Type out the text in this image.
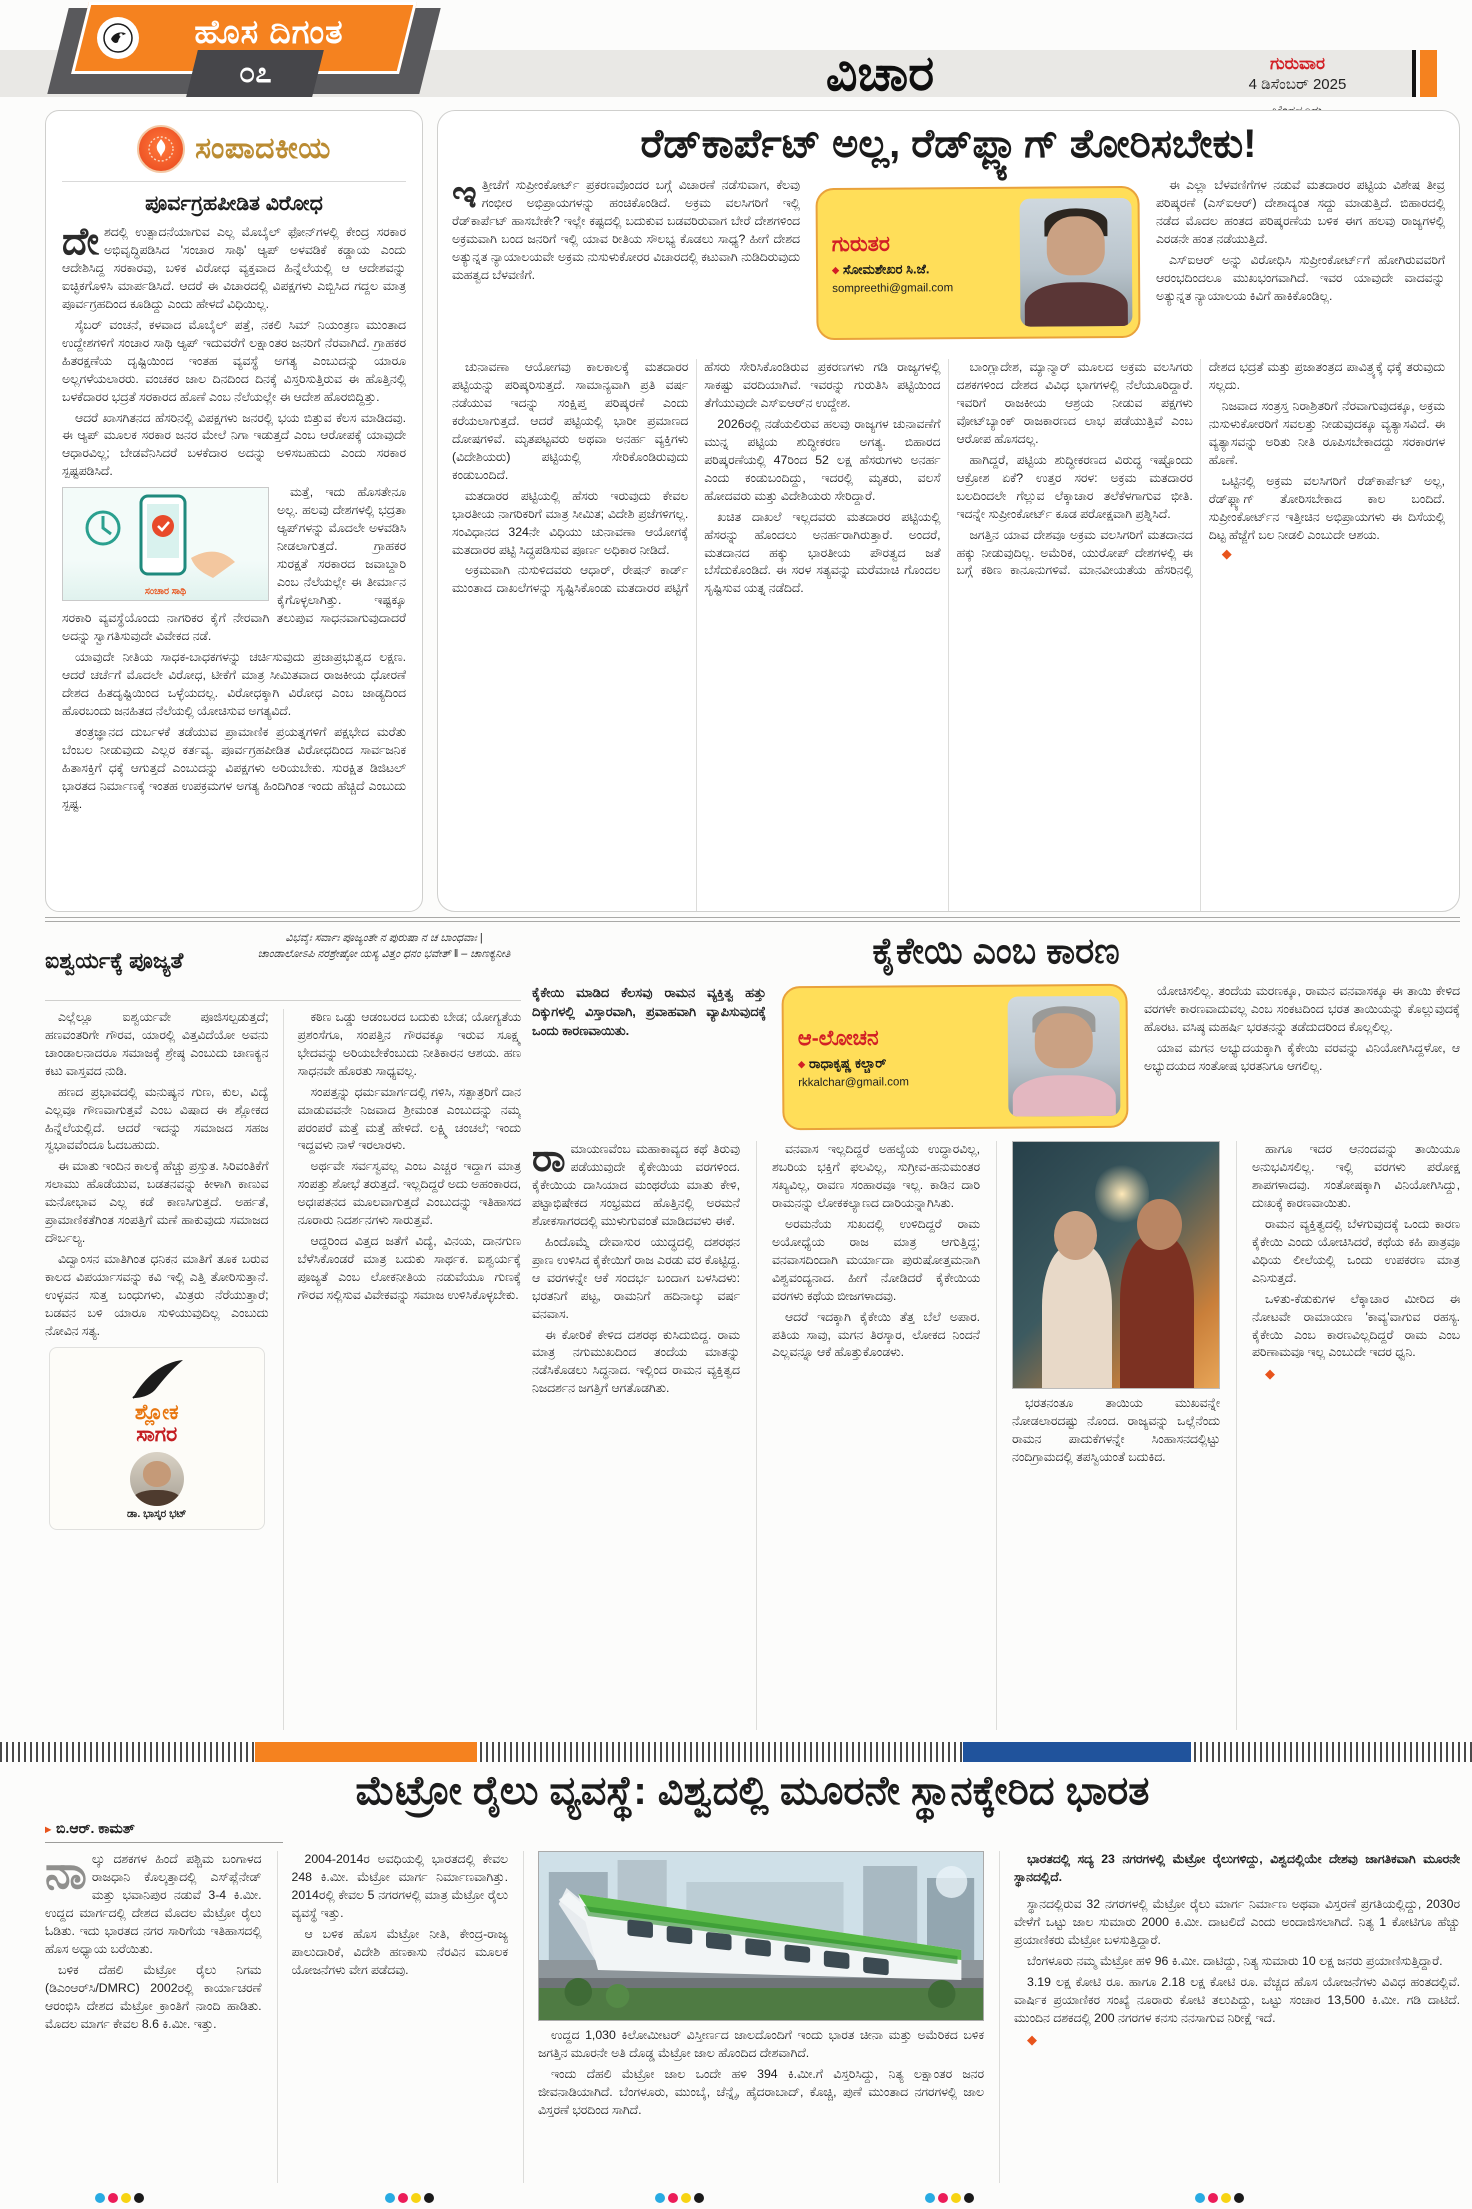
ಹೊಸ ದಿಗಂತ
೦೭	ವಿಚಾರ	ಗುರುವಾರ
4 ಡಿಸೆಂಬರ್ 2025
ಸಂಪಾದಕೀಯ
ಪೂರ್ವಗ್ರಹಪೀಡಿತ ವಿರೋಧ

ದೇಶದಲ್ಲಿ ಉತ್ಪಾದನೆಯಾಗುವ ಎಲ್ಲ ಮೊಬೈಲ್ ಫೋನ್‌ಗಳಲ್ಲಿ ಕೇಂದ್ರ ಸರಕಾರ ಅಭಿವೃದ್ಧಿಪಡಿಸಿದ 'ಸಂಚಾರ ಸಾಥಿ' ಆ್ಯಪ್ ಅಳವಡಿಕೆ ಕಡ್ಡಾಯ ಎಂದು ಆದೇಶಿಸಿದ್ದ ಸರಕಾರವು, ಬಳಿಕ ವಿರೋಧ ವ್ಯಕ್ತವಾದ ಹಿನ್ನೆಲೆಯಲ್ಲಿ ಆ ಆದೇಶವನ್ನು ಐಚ್ಛಿಕಗೊಳಿಸಿ ಮಾರ್ಪಡಿಸಿದೆ. ಆದರೆ ಈ ವಿಚಾರದಲ್ಲಿ ವಿಪಕ್ಷಗಳು ಎಬ್ಬಿಸಿದ ಗದ್ದಲ ಮಾತ್ರ ಪೂರ್ವಗ್ರಹದಿಂದ ಕೂಡಿದ್ದು ಎಂದು ಹೇಳದೆ ವಿಧಿಯಿಲ್ಲ.

ಸೈಬರ್ ವಂಚನೆ, ಕಳವಾದ ಮೊಬೈಲ್ ಪತ್ತೆ, ನಕಲಿ ಸಿಮ್ ನಿಯಂತ್ರಣ ಮುಂತಾದ ಉದ್ದೇಶಗಳಿಗೆ ಸಂಚಾರ ಸಾಥಿ ಆ್ಯಪ್ ಇದುವರೆಗೆ ಲಕ್ಷಾಂತರ ಜನರಿಗೆ ನೆರವಾಗಿದೆ. ಗ್ರಾಹಕರ ಹಿತರಕ್ಷಣೆಯ ದೃಷ್ಟಿಯಿಂದ ಇಂತಹ ವ್ಯವಸ್ಥೆ ಅಗತ್ಯ ಎಂಬುದನ್ನು ಯಾರೂ ಅಲ್ಲಗಳೆಯಲಾರರು. ವಂಚಕರ ಜಾಲ ದಿನದಿಂದ ದಿನಕ್ಕೆ ವಿಸ್ತರಿಸುತ್ತಿರುವ ಈ ಹೊತ್ತಿನಲ್ಲಿ ಬಳಕೆದಾರರ ಭದ್ರತೆ ಸರಕಾರದ ಹೊಣೆ ಎಂಬ ನೆಲೆಯಲ್ಲೇ ಈ ಆದೇಶ ಹೊರಬಿದ್ದಿತ್ತು.

ಆದರೆ ಖಾಸಗಿತನದ ಹೆಸರಿನಲ್ಲಿ ವಿಪಕ್ಷಗಳು ಜನರಲ್ಲಿ ಭಯ ಬಿತ್ತುವ ಕೆಲಸ ಮಾಡಿದವು. ಈ ಆ್ಯಪ್ ಮೂಲಕ ಸರಕಾರ ಜನರ ಮೇಲೆ ನಿಗಾ ಇಡುತ್ತದೆ ಎಂಬ ಆರೋಪಕ್ಕೆ ಯಾವುದೇ ಆಧಾರವಿಲ್ಲ; ಬೇಡವೆನಿಸಿದರೆ ಬಳಕೆದಾರ ಅದನ್ನು ಅಳಿಸಬಹುದು ಎಂದು ಸರಕಾರ ಸ್ಪಷ್ಟಪಡಿಸಿದೆ.

ಸಂಚಾರ ಸಾಥಿ

ಮತ್ತೆ, ಇದು ಹೊಸತೇನೂ ಅಲ್ಲ. ಹಲವು ದೇಶಗಳಲ್ಲಿ ಭದ್ರತಾ ಆ್ಯಪ್‌ಗಳನ್ನು ಮೊದಲೇ ಅಳವಡಿಸಿ ನೀಡಲಾಗುತ್ತದೆ. ಗ್ರಾಹಕರ ಸುರಕ್ಷತೆ ಸರಕಾರದ ಜವಾಬ್ದಾರಿ ಎಂಬ ನೆಲೆಯಲ್ಲೇ ಈ ತೀರ್ಮಾನ ಕೈಗೊಳ್ಳಲಾಗಿತ್ತು. ಇಷ್ಟಕ್ಕೂ ಸರಕಾರಿ ವ್ಯವಸ್ಥೆಯೊಂದು ನಾಗರಿಕರ ಕೈಗೆ ನೇರವಾಗಿ ತಲುಪುವ ಸಾಧನವಾಗುವುದಾದರೆ ಅದನ್ನು ಸ್ವಾಗತಿಸುವುದೇ ವಿವೇಕದ ನಡೆ.

ಯಾವುದೇ ನೀತಿಯ ಸಾಧಕ-ಬಾಧಕಗಳನ್ನು ಚರ್ಚಿಸುವುದು ಪ್ರಜಾಪ್ರಭುತ್ವದ ಲಕ್ಷಣ. ಆದರೆ ಚರ್ಚೆಗೆ ಮೊದಲೇ ವಿರೋಧ, ಟೀಕೆಗೆ ಮಾತ್ರ ಸೀಮಿತವಾದ ರಾಜಕೀಯ ಧೋರಣೆ ದೇಶದ ಹಿತದೃಷ್ಟಿಯಿಂದ ಒಳ್ಳೆಯದಲ್ಲ. ವಿರೋಧಕ್ಕಾಗಿ ವಿರೋಧ ಎಂಬ ಜಾಡ್ಯದಿಂದ ಹೊರಬಂದು ಜನಹಿತದ ನೆಲೆಯಲ್ಲಿ ಯೋಚಿಸುವ ಅಗತ್ಯವಿದೆ.

ತಂತ್ರಜ್ಞಾನದ ದುರ್ಬಳಕೆ ತಡೆಯುವ ಪ್ರಾಮಾಣಿಕ ಪ್ರಯತ್ನಗಳಿಗೆ ಪಕ್ಷಭೇದ ಮರೆತು ಬೆಂಬಲ ನೀಡುವುದು ಎಲ್ಲರ ಕರ್ತವ್ಯ. ಪೂರ್ವಗ್ರಹಪೀಡಿತ ವಿರೋಧದಿಂದ ಸಾರ್ವಜನಿಕ ಹಿತಾಸಕ್ತಿಗೆ ಧಕ್ಕೆ ಆಗುತ್ತದೆ ಎಂಬುದನ್ನು ವಿಪಕ್ಷಗಳು ಅರಿಯಬೇಕು. ಸುರಕ್ಷಿತ ಡಿಜಿಟಲ್ ಭಾರತದ ನಿರ್ಮಾಣಕ್ಕೆ ಇಂತಹ ಉಪಕ್ರಮಗಳ ಅಗತ್ಯ ಹಿಂದಿಗಿಂತ ಇಂದು ಹೆಚ್ಚಿದೆ ಎಂಬುದು ಸ್ಪಷ್ಟ.

ರೆಡ್‌ಕಾರ್ಪೆಟ್ ಅಲ್ಲ, ರೆಡ್‌ಫ್ಲ್ಯಾಗ್ ತೋರಿಸಬೇಕು!

ಇತ್ತೀಚೆಗೆ ಸುಪ್ರೀಂಕೋರ್ಟ್ ಪ್ರಕರಣವೊಂದರ ಬಗ್ಗೆ ವಿಚಾರಣೆ ನಡೆಸುವಾಗ, ಕೆಲವು ಗಂಭೀರ ಅಭಿಪ್ರಾಯಗಳನ್ನು ಹಂಚಿಕೊಂಡಿದೆ. ಅಕ್ರಮ ವಲಸಿಗರಿಗೆ ಇಲ್ಲಿ ರೆಡ್‌ಕಾರ್ಪೆಟ್ ಹಾಸಬೇಕೇ? ಇಲ್ಲೇ ಕಷ್ಟದಲ್ಲಿ ಬದುಕುವ ಬಡವರಿರುವಾಗ ಬೇರೆ ದೇಶಗಳಿಂದ ಅಕ್ರಮವಾಗಿ ಬಂದ ಜನರಿಗೆ ಇಲ್ಲಿ ಯಾವ ರೀತಿಯ ಸೌಲಭ್ಯ ಕೊಡಲು ಸಾಧ್ಯ? ಹೀಗೆ ದೇಶದ ಅತ್ಯುನ್ನತ ನ್ಯಾಯಾಲಯವೇ ಅಕ್ರಮ ನುಸುಳುಕೋರರ ವಿಚಾರದಲ್ಲಿ ಕಟುವಾಗಿ ನುಡಿದಿರುವುದು ಮಹತ್ವದ ಬೆಳವಣಿಗೆ.

ಗುರುತರ
◆ ಸೋಮಶೇಖರ ಸಿ.ಜೆ.
sompreethi@gmail.com

ಈ ಎಲ್ಲಾ ಬೆಳವಣಿಗೆಗಳ ನಡುವೆ ಮತದಾರರ ಪಟ್ಟಿಯ ವಿಶೇಷ ತೀವ್ರ ಪರಿಷ್ಕರಣೆ (ಎಸ್‌ಐಆರ್) ದೇಶಾದ್ಯಂತ ಸದ್ದು ಮಾಡುತ್ತಿದೆ. ಬಿಹಾರದಲ್ಲಿ ನಡೆದ ಮೊದಲ ಹಂತದ ಪರಿಷ್ಕರಣೆಯ ಬಳಿಕ ಈಗ ಹಲವು ರಾಜ್ಯಗಳಲ್ಲಿ ಎರಡನೇ ಹಂತ ನಡೆಯುತ್ತಿದೆ.

ಎಸ್‌ಐಆರ್ ಅನ್ನು ವಿರೋಧಿಸಿ ಸುಪ್ರೀಂಕೋರ್ಟ್‌ಗೆ ಹೋಗಿರುವವರಿಗೆ ಆರಂಭದಿಂದಲೂ ಮುಖಭಂಗವಾಗಿದೆ. ಇವರ ಯಾವುದೇ ವಾದವನ್ನು ಅತ್ಯುನ್ನತ ನ್ಯಾಯಾಲಯ ಕಿವಿಗೆ ಹಾಕಿಕೊಂಡಿಲ್ಲ.

ಚುನಾವಣಾ ಆಯೋಗವು ಕಾಲಕಾಲಕ್ಕೆ ಮತದಾರರ ಪಟ್ಟಿಯನ್ನು ಪರಿಷ್ಕರಿಸುತ್ತದೆ. ಸಾಮಾನ್ಯವಾಗಿ ಪ್ರತಿ ವರ್ಷ ನಡೆಯುವ ಇದನ್ನು ಸಂಕ್ಷಿಪ್ತ ಪರಿಷ್ಕರಣೆ ಎಂದು ಕರೆಯಲಾಗುತ್ತದೆ. ಆದರೆ ಪಟ್ಟಿಯಲ್ಲಿ ಭಾರೀ ಪ್ರಮಾಣದ ದೋಷಗಳಿವೆ. ಮೃತಪಟ್ಟವರು ಅಥವಾ ಅನರ್ಹ ವ್ಯಕ್ತಿಗಳು (ವಿದೇಶಿಯರು) ಪಟ್ಟಿಯಲ್ಲಿ ಸೇರಿಕೊಂಡಿರುವುದು ಕಂಡುಬಂದಿದೆ.

ಮತದಾರರ ಪಟ್ಟಿಯಲ್ಲಿ ಹೆಸರು ಇರುವುದು ಕೇವಲ ಭಾರತೀಯ ನಾಗರಿಕರಿಗೆ ಮಾತ್ರ ಸೀಮಿತ; ವಿದೇಶಿ ಪ್ರಜೆಗಳಿಗಲ್ಲ. ಸಂವಿಧಾನದ 324ನೇ ವಿಧಿಯು ಚುನಾವಣಾ ಆಯೋಗಕ್ಕೆ ಮತದಾರರ ಪಟ್ಟಿ ಸಿದ್ಧಪಡಿಸುವ ಪೂರ್ಣ ಅಧಿಕಾರ ನೀಡಿದೆ.

ಅಕ್ರಮವಾಗಿ ನುಸುಳಿದವರು ಆಧಾರ್, ರೇಷನ್ ಕಾರ್ಡ್ ಮುಂತಾದ ದಾಖಲೆಗಳನ್ನು ಸೃಷ್ಟಿಸಿಕೊಂಡು ಮತದಾರರ ಪಟ್ಟಿಗೆ ಹೆಸರು ಸೇರಿಸಿಕೊಂಡಿರುವ ಪ್ರಕರಣಗಳು ಗಡಿ ರಾಜ್ಯಗಳಲ್ಲಿ ಸಾಕಷ್ಟು ವರದಿಯಾಗಿವೆ. ಇವರನ್ನು ಗುರುತಿಸಿ ಪಟ್ಟಿಯಿಂದ ತೆಗೆಯುವುದೇ ಎಸ್‌ಐಆರ್‌ನ ಉದ್ದೇಶ.

2026ರಲ್ಲಿ ನಡೆಯಲಿರುವ ಹಲವು ರಾಜ್ಯಗಳ ಚುನಾವಣೆಗೆ ಮುನ್ನ ಪಟ್ಟಿಯ ಶುದ್ಧೀಕರಣ ಅಗತ್ಯ. ಬಿಹಾರದ ಪರಿಷ್ಕರಣೆಯಲ್ಲಿ 47ರಿಂದ 52 ಲಕ್ಷ ಹೆಸರುಗಳು ಅನರ್ಹ ಎಂದು ಕಂಡುಬಂದಿದ್ದು, ಇದರಲ್ಲಿ ಮೃತರು, ವಲಸೆ ಹೋದವರು ಮತ್ತು ವಿದೇಶಿಯರು ಸೇರಿದ್ದಾರೆ.

ಖಚಿತ ದಾಖಲೆ ಇಲ್ಲದವರು ಮತದಾರರ ಪಟ್ಟಿಯಲ್ಲಿ ಹೆಸರನ್ನು ಹೊಂದಲು ಅನರ್ಹರಾಗಿರುತ್ತಾರೆ. ಅಂದರೆ, ಮತದಾನದ ಹಕ್ಕು ಭಾರತೀಯ ಪೌರತ್ವದ ಜತೆ ಬೆಸೆದುಕೊಂಡಿದೆ. ಈ ಸರಳ ಸತ್ಯವನ್ನು ಮರೆಮಾಚಿ ಗೊಂದಲ ಸೃಷ್ಟಿಸುವ ಯತ್ನ ನಡೆದಿದೆ.

ಬಾಂಗ್ಲಾದೇಶ, ಮ್ಯಾನ್ಮಾರ್ ಮೂಲದ ಅಕ್ರಮ ವಲಸಿಗರು ದಶಕಗಳಿಂದ ದೇಶದ ವಿವಿಧ ಭಾಗಗಳಲ್ಲಿ ನೆಲೆಯೂರಿದ್ದಾರೆ. ಇವರಿಗೆ ರಾಜಕೀಯ ಆಶ್ರಯ ನೀಡುವ ಪಕ್ಷಗಳು ವೋಟ್‌ಬ್ಯಾಂಕ್ ರಾಜಕಾರಣದ ಲಾಭ ಪಡೆಯುತ್ತಿವೆ ಎಂಬ ಆರೋಪ ಹೊಸದಲ್ಲ.

ಹಾಗಿದ್ದರೆ, ಪಟ್ಟಿಯ ಶುದ್ಧೀಕರಣದ ವಿರುದ್ಧ ಇಷ್ಟೊಂದು ಆಕ್ರೋಶ ಏಕೆ? ಉತ್ತರ ಸರಳ: ಅಕ್ರಮ ಮತದಾರರ ಬಲದಿಂದಲೇ ಗೆಲ್ಲುವ ಲೆಕ್ಕಾಚಾರ ತಲೆಕೆಳಗಾಗುವ ಭೀತಿ. ಇದನ್ನೇ ಸುಪ್ರೀಂಕೋರ್ಟ್ ಕೂಡ ಪರೋಕ್ಷವಾಗಿ ಪ್ರಶ್ನಿಸಿದೆ.

ಜಗತ್ತಿನ ಯಾವ ದೇಶವೂ ಅಕ್ರಮ ವಲಸಿಗರಿಗೆ ಮತದಾನದ ಹಕ್ಕು ನೀಡುವುದಿಲ್ಲ. ಅಮೆರಿಕ, ಯುರೋಪ್ ದೇಶಗಳಲ್ಲಿ ಈ ಬಗ್ಗೆ ಕಠಿಣ ಕಾನೂನುಗಳಿವೆ. ಮಾನವೀಯತೆಯ ಹೆಸರಿನಲ್ಲಿ ದೇಶದ ಭದ್ರತೆ ಮತ್ತು ಪ್ರಜಾತಂತ್ರದ ಪಾವಿತ್ರ್ಯಕ್ಕೆ ಧಕ್ಕೆ ತರುವುದು ಸಲ್ಲದು.

ನಿಜವಾದ ಸಂತ್ರಸ್ತ ನಿರಾಶ್ರಿತರಿಗೆ ನೆರವಾಗುವುದಕ್ಕೂ, ಅಕ್ರಮ ನುಸುಳುಕೋರರಿಗೆ ಸವಲತ್ತು ನೀಡುವುದಕ್ಕೂ ವ್ಯತ್ಯಾಸವಿದೆ. ಈ ವ್ಯತ್ಯಾಸವನ್ನು ಅರಿತು ನೀತಿ ರೂಪಿಸಬೇಕಾದದ್ದು ಸರಕಾರಗಳ ಹೊಣೆ.

ಒಟ್ಟಿನಲ್ಲಿ ಅಕ್ರಮ ವಲಸಿಗರಿಗೆ ರೆಡ್‌ಕಾರ್ಪೆಟ್ ಅಲ್ಲ, ರೆಡ್‌ಫ್ಲ್ಯಾಗ್ ತೋರಿಸಬೇಕಾದ ಕಾಲ ಬಂದಿದೆ. ಸುಪ್ರೀಂಕೋರ್ಟ್‌ನ ಇತ್ತೀಚಿನ ಅಭಿಪ್ರಾಯಗಳು ಈ ದಿಸೆಯಲ್ಲಿ ದಿಟ್ಟ ಹೆಜ್ಜೆಗೆ ಬಲ ನೀಡಲಿ ಎಂಬುದೇ ಆಶಯ.

◆

ಐಶ್ವರ್ಯಕ್ಕೆ ಪೂಜ್ಯತೆ
ವಿಭವೈಃ ಸರ್ವಾಃ ಪೂಜ್ಯಂತೇ ನ ಪುರುಷಾ ನ ಚ ಬಾಂಧವಾಃ |
ಚಾಂಡಾಲೋಽಪಿ ನರಶ್ರೇಷ್ಠೋ ಯಸ್ಯ ವಿತ್ತಂ ಧನಂ ಭವೇತ್ ‖ – ಚಾಣಕ್ಯನೀತಿ

ಎಲ್ಲೆಲ್ಲೂ ಐಶ್ವರ್ಯವೇ ಪೂಜಿಸಲ್ಪಡುತ್ತದೆ; ಹಣವಂತರಿಗೇ ಗೌರವ, ಯಾರಲ್ಲಿ ವಿತ್ತವಿದೆಯೋ ಅವನು ಚಾಂಡಾಲನಾದರೂ ಸಮಾಜಕ್ಕೆ ಶ್ರೇಷ್ಠ ಎಂಬುದು ಚಾಣಕ್ಯನ ಕಟು ವಾಸ್ತವದ ನುಡಿ.

ಹಣದ ಪ್ರಭಾವದಲ್ಲಿ ಮನುಷ್ಯನ ಗುಣ, ಕುಲ, ವಿದ್ಯೆ ಎಲ್ಲವೂ ಗೌಣವಾಗುತ್ತವೆ ಎಂಬ ವಿಷಾದ ಈ ಶ್ಲೋಕದ ಹಿನ್ನೆಲೆಯಲ್ಲಿದೆ. ಆದರೆ ಇದನ್ನು ಸಮಾಜದ ಸಹಜ ಸ್ವಭಾವವೆಂದೂ ಓದಬಹುದು.

ಈ ಮಾತು ಇಂದಿನ ಕಾಲಕ್ಕೆ ಹೆಚ್ಚು ಪ್ರಸ್ತುತ. ಸಿರಿವಂತಿಕೆಗೆ ಸಲಾಮು ಹೊಡೆಯುವ, ಬಡತನವನ್ನು ಕೀಳಾಗಿ ಕಾಣುವ ಮನೋಭಾವ ಎಲ್ಲ ಕಡೆ ಕಾಣಸಿಗುತ್ತದೆ. ಅರ್ಹತೆ, ಪ್ರಾಮಾಣಿಕತೆಗಿಂತ ಸಂಪತ್ತಿಗೆ ಮಣೆ ಹಾಕುವುದು ಸಮಾಜದ ದೌರ್ಬಲ್ಯ.

ವಿದ್ವಾಂಸನ ಮಾತಿಗಿಂತ ಧನಿಕನ ಮಾತಿಗೆ ತೂಕ ಬರುವ ಕಾಲದ ವಿಪರ್ಯಾಸವನ್ನು ಕವಿ ಇಲ್ಲಿ ಎತ್ತಿ ತೋರಿಸುತ್ತಾನೆ. ಉಳ್ಳವನ ಸುತ್ತ ಬಂಧುಗಳು, ಮಿತ್ರರು ನೆರೆಯುತ್ತಾರೆ; ಬಡವನ ಬಳಿ ಯಾರೂ ಸುಳಿಯುವುದಿಲ್ಲ ಎಂಬುದು ನೋವಿನ ಸತ್ಯ.

ಶ್ಲೋಕ
ಸಾಗರ
ಡಾ. ಭಾಸ್ಕರ ಭಟ್

ಕಠಿಣ ಒಡ್ಡು ಆಡಂಬರದ ಬದುಕು ಬೇಡ; ಯೋಗ್ಯತೆಯ ಪ್ರಶಂಸೆಗೂ, ಸಂಪತ್ತಿನ ಗೌರವಕ್ಕೂ ಇರುವ ಸೂಕ್ಷ್ಮ ಭೇದವನ್ನು ಅರಿಯಬೇಕೆಂಬುದು ನೀತಿಕಾರನ ಆಶಯ. ಹಣ ಸಾಧನವೇ ಹೊರತು ಸಾಧ್ಯವಲ್ಲ.

ಸಂಪತ್ತನ್ನು ಧರ್ಮಮಾರ್ಗದಲ್ಲಿ ಗಳಿಸಿ, ಸತ್ಪಾತ್ರರಿಗೆ ದಾನ ಮಾಡುವವನೇ ನಿಜವಾದ ಶ್ರೀಮಂತ ಎಂಬುದನ್ನು ನಮ್ಮ ಪರಂಪರೆ ಮತ್ತೆ ಮತ್ತೆ ಹೇಳಿದೆ. ಲಕ್ಷ್ಮಿ ಚಂಚಲೆ; ಇಂದು ಇದ್ದವಳು ನಾಳೆ ಇರಲಾರಳು.

ಅರ್ಥವೇ ಸರ್ವಸ್ವವಲ್ಲ ಎಂಬ ಎಚ್ಚರ ಇದ್ದಾಗ ಮಾತ್ರ ಸಂಪತ್ತು ಶೋಭೆ ತರುತ್ತದೆ. ಇಲ್ಲದಿದ್ದರೆ ಅದು ಅಹಂಕಾರದ, ಅಧಃಪತನದ ಮೂಲವಾಗುತ್ತದೆ ಎಂಬುದನ್ನು ಇತಿಹಾಸದ ನೂರಾರು ನಿದರ್ಶನಗಳು ಸಾರುತ್ತವೆ.

ಆದ್ದರಿಂದ ವಿತ್ತದ ಜತೆಗೆ ವಿದ್ಯೆ, ವಿನಯ, ದಾನಗುಣ ಬೆಳೆಸಿಕೊಂಡರೆ ಮಾತ್ರ ಬದುಕು ಸಾರ್ಥಕ. ಐಶ್ವರ್ಯಕ್ಕೆ ಪೂಜ್ಯತೆ ಎಂಬ ಲೋಕನೀತಿಯ ನಡುವೆಯೂ ಗುಣಕ್ಕೆ ಗೌರವ ಸಲ್ಲಿಸುವ ವಿವೇಕವನ್ನು ಸಮಾಜ ಉಳಿಸಿಕೊಳ್ಳಬೇಕು.

ಕೈಕೇಯಿ ಎಂಬ ಕಾರಣ
ಕೈಕೇಯಿ ಮಾಡಿದ ಕೆಲಸವು ರಾಮನ ವ್ಯಕ್ತಿತ್ವ ಹತ್ತು ದಿಕ್ಕುಗಳಲ್ಲಿ ವಿಸ್ತಾರವಾಗಿ, ಪ್ರವಾಹವಾಗಿ ವ್ಯಾಪಿಸುವುದಕ್ಕೆ ಒಂದು ಕಾರಣವಾಯಿತು.	ಆ-ಲೋಚನ
◆ ರಾಧಾಕೃಷ್ಣ ಕಲ್ಚಾರ್
rkkalchar@gmail.com

ಯೋಚಿಸಲಿಲ್ಲ. ತಂದೆಯ ಮರಣಕ್ಕೂ, ರಾಮನ ವನವಾಸಕ್ಕೂ ಈ ತಾಯಿ ಕೇಳಿದ ವರಗಳೇ ಕಾರಣವಾದುವಲ್ಲ ಎಂಬ ಸಂಕಟದಿಂದ ಭರತ ತಾಯಿಯನ್ನು ಕೊಲ್ಲುವುದಕ್ಕೆ ಹೊರಟ. ವಸಿಷ್ಠ ಮಹರ್ಷಿ ಭರತನನ್ನು ತಡೆದುದರಿಂದ ಕೊಲ್ಲಲಿಲ್ಲ.

ಯಾವ ಮಗನ ಅಭ್ಯುದಯಕ್ಕಾಗಿ ಕೈಕೇಯಿ ವರವನ್ನು ವಿನಿಯೋಗಿಸಿದ್ದಳೋ, ಆ ಅಭ್ಯುದಯದ ಸಂತೋಷ ಭರತನಿಗೂ ಆಗಲಿಲ್ಲ.

ರಾಮಾಯಣವೆಂಬ ಮಹಾಕಾವ್ಯದ ಕಥೆ ತಿರುವು ಪಡೆಯುವುದೇ ಕೈಕೇಯಿಯ ವರಗಳಿಂದ. ಕೈಕೇಯಿಯ ದಾಸಿಯಾದ ಮಂಥರೆಯ ಮಾತು ಕೇಳಿ, ಪಟ್ಟಾಭಿಷೇಕದ ಸಂಭ್ರಮದ ಹೊತ್ತಿನಲ್ಲಿ ಅರಮನೆ ಶೋಕಸಾಗರದಲ್ಲಿ ಮುಳುಗುವಂತೆ ಮಾಡಿದವಳು ಈಕೆ.

ಹಿಂದೊಮ್ಮೆ ದೇವಾಸುರ ಯುದ್ಧದಲ್ಲಿ ದಶರಥನ ಪ್ರಾಣ ಉಳಿಸಿದ ಕೈಕೇಯಿಗೆ ರಾಜ ಎರಡು ವರ ಕೊಟ್ಟಿದ್ದ. ಆ ವರಗಳನ್ನೇ ಆಕೆ ಸಂದರ್ಭ ಬಂದಾಗ ಬಳಸಿದಳು: ಭರತನಿಗೆ ಪಟ್ಟ, ರಾಮನಿಗೆ ಹದಿನಾಲ್ಕು ವರ್ಷ ವನವಾಸ.

ಈ ಕೋರಿಕೆ ಕೇಳಿದ ದಶರಥ ಕುಸಿದುಬಿದ್ದ. ರಾಮ ಮಾತ್ರ ನಗುಮುಖದಿಂದ ತಂದೆಯ ಮಾತನ್ನು ನಡೆಸಿಕೊಡಲು ಸಿದ್ಧನಾದ. ಇಲ್ಲಿಂದ ರಾಮನ ವ್ಯಕ್ತಿತ್ವದ ನಿಜದರ್ಶನ ಜಗತ್ತಿಗೆ ಆಗತೊಡಗಿತು.

ವನವಾಸ ಇಲ್ಲದಿದ್ದರೆ ಅಹಲ್ಯೆಯ ಉದ್ಧಾರವಿಲ್ಲ, ಶಬರಿಯ ಭಕ್ತಿಗೆ ಫಲವಿಲ್ಲ, ಸುಗ್ರೀವ-ಹನುಮಂತರ ಸಖ್ಯವಿಲ್ಲ, ರಾವಣ ಸಂಹಾರವೂ ಇಲ್ಲ. ಕಾಡಿನ ದಾರಿ ರಾಮನನ್ನು ಲೋಕಕಲ್ಯಾಣದ ದಾರಿಯನ್ನಾಗಿಸಿತು.

ಅರಮನೆಯ ಸುಖದಲ್ಲಿ ಉಳಿದಿದ್ದರೆ ರಾಮ ಅಯೋಧ್ಯೆಯ ರಾಜ ಮಾತ್ರ ಆಗುತ್ತಿದ್ದ; ವನವಾಸದಿಂದಾಗಿ ಮರ್ಯಾದಾ ಪುರುಷೋತ್ತಮನಾಗಿ ವಿಶ್ವವಂದ್ಯನಾದ. ಹೀಗೆ ನೋಡಿದರೆ ಕೈಕೇಯಿಯ ವರಗಳು ಕಥೆಯ ಬೀಜಗಳಾದವು.

ಆದರೆ ಇದಕ್ಕಾಗಿ ಕೈಕೇಯಿ ತೆತ್ತ ಬೆಲೆ ಅಪಾರ. ಪತಿಯ ಸಾವು, ಮಗನ ತಿರಸ್ಕಾರ, ಲೋಕದ ನಿಂದನೆ ಎಲ್ಲವನ್ನೂ ಆಕೆ ಹೊತ್ತುಕೊಂಡಳು.

ಭರತನಂತೂ ತಾಯಿಯ ಮುಖವನ್ನೇ ನೋಡಲಾರದಷ್ಟು ನೊಂದ. ರಾಜ್ಯವನ್ನು ಒಲ್ಲೆನೆಂದು ರಾಮನ ಪಾದುಕೆಗಳನ್ನೇ ಸಿಂಹಾಸನದಲ್ಲಿಟ್ಟು ನಂದಿಗ್ರಾಮದಲ್ಲಿ ತಪಸ್ವಿಯಂತೆ ಬದುಕಿದ.

ಹಾಗೂ ಇದರ ಆನಂದವನ್ನು ತಾಯಿಯೂ ಅನುಭವಿಸಲಿಲ್ಲ. ಇಲ್ಲಿ ವರಗಳು ಪರೋಕ್ಷ ಶಾಪಗಳಾದವು. ಸಂತೋಷಕ್ಕಾಗಿ ವಿನಿಯೋಗಿಸಿದ್ದು, ದುಃಖಕ್ಕೆ ಕಾರಣವಾಯಿತು.

ರಾಮನ ವ್ಯಕ್ತಿತ್ವದಲ್ಲಿ ಬೆಳಗುವುದಕ್ಕೆ ಒಂದು ಕಾರಣ ಕೈಕೇಯಿ ಎಂದು ಯೋಚಿಸಿದರೆ, ಕಥೆಯ ಕಹಿ ಪಾತ್ರವೂ ವಿಧಿಯ ಲೀಲೆಯಲ್ಲಿ ಒಂದು ಉಪಕರಣ ಮಾತ್ರ ಎನಿಸುತ್ತದೆ.

ಒಳಿತು-ಕೆಡುಕುಗಳ ಲೆಕ್ಕಾಚಾರ ಮೀರಿದ ಈ ನೋಟವೇ ರಾಮಾಯಣ 'ಕಾವ್ಯ'ವಾಗುವ ರಹಸ್ಯ. ಕೈಕೇಯಿ ಎಂಬ ಕಾರಣವಿಲ್ಲದಿದ್ದರೆ ರಾಮ ಎಂಬ ಪರಿಣಾಮವೂ ಇಲ್ಲ ಎಂಬುದೇ ಇದರ ಧ್ವನಿ.

◆

ಮೆಟ್ರೋ ರೈಲು ವ್ಯವಸ್ಥೆ: ವಿಶ್ವದಲ್ಲಿ ಮೂರನೇ ಸ್ಥಾನಕ್ಕೇರಿದ ಭಾರತ
▸ ಬಿ.ಆರ್. ಕಾಮತ್

ನಾಲ್ಕು ದಶಕಗಳ ಹಿಂದೆ ಪಶ್ಚಿಮ ಬಂಗಾಳದ ರಾಜಧಾನಿ ಕೊಲ್ಕತ್ತಾದಲ್ಲಿ ಎಸ್‌ಪ್ಲೆನೇಡ್ ಮತ್ತು ಭವಾನಿಪುರ ನಡುವೆ 3-4 ಕಿ.ಮೀ. ಉದ್ದದ ಮಾರ್ಗದಲ್ಲಿ ದೇಶದ ಮೊದಲ ಮೆಟ್ರೋ ರೈಲು ಓಡಿತು. ಇದು ಭಾರತದ ನಗರ ಸಾರಿಗೆಯ ಇತಿಹಾಸದಲ್ಲಿ ಹೊಸ ಅಧ್ಯಾಯ ಬರೆಯಿತು.

ಬಳಿಕ ದೆಹಲಿ ಮೆಟ್ರೋ ರೈಲು ನಿಗಮ (ಡಿಎಂಆರ್‌ಸಿ/DMRC) 2002ರಲ್ಲಿ ಕಾರ್ಯಾಚರಣೆ ಆರಂಭಿಸಿ ದೇಶದ ಮೆಟ್ರೋ ಕ್ರಾಂತಿಗೆ ನಾಂದಿ ಹಾಡಿತು. ಮೊದಲ ಮಾರ್ಗ ಕೇವಲ 8.6 ಕಿ.ಮೀ. ಇತ್ತು.

2004-2014ರ ಅವಧಿಯಲ್ಲಿ ಭಾರತದಲ್ಲಿ ಕೇವಲ 248 ಕಿ.ಮೀ. ಮೆಟ್ರೋ ಮಾರ್ಗ ನಿರ್ಮಾಣವಾಗಿತ್ತು. 2014ರಲ್ಲಿ ಕೇವಲ 5 ನಗರಗಳಲ್ಲಿ ಮಾತ್ರ ಮೆಟ್ರೋ ರೈಲು ವ್ಯವಸ್ಥೆ ಇತ್ತು.

ಆ ಬಳಿಕ ಹೊಸ ಮೆಟ್ರೋ ನೀತಿ, ಕೇಂದ್ರ-ರಾಜ್ಯ ಪಾಲುದಾರಿಕೆ, ವಿದೇಶಿ ಹಣಕಾಸು ನೆರವಿನ ಮೂಲಕ ಯೋಜನೆಗಳು ವೇಗ ಪಡೆದವು.

ಉದ್ದದ 1,030 ಕಿಲೋಮೀಟರ್ ವಿಸ್ತೀರ್ಣದ ಜಾಲದೊಂದಿಗೆ ಇಂದು ಭಾರತ ಚೀನಾ ಮತ್ತು ಅಮೆರಿಕದ ಬಳಿಕ ಜಗತ್ತಿನ ಮೂರನೇ ಅತಿ ದೊಡ್ಡ ಮೆಟ್ರೋ ಜಾಲ ಹೊಂದಿದ ದೇಶವಾಗಿದೆ.

ಇಂದು ದೆಹಲಿ ಮೆಟ್ರೋ ಜಾಲ ಒಂದೇ ಹಳಿ 394 ಕಿ.ಮೀ.ಗೆ ವಿಸ್ತರಿಸಿದ್ದು, ನಿತ್ಯ ಲಕ್ಷಾಂತರ ಜನರ ಜೀವನಾಡಿಯಾಗಿದೆ. ಬೆಂಗಳೂರು, ಮುಂಬೈ, ಚೆನ್ನೈ, ಹೈದರಾಬಾದ್, ಕೊಚ್ಚಿ, ಪುಣೆ ಮುಂತಾದ ನಗರಗಳಲ್ಲಿ ಜಾಲ ವಿಸ್ತರಣೆ ಭರದಿಂದ ಸಾಗಿದೆ.

ಭಾರತದಲ್ಲಿ ಸದ್ಯ 23 ನಗರಗಳಲ್ಲಿ ಮೆಟ್ರೋ ರೈಲುಗಳಿದ್ದು, ವಿಶ್ವದಲ್ಲಿಯೇ ದೇಶವು ಜಾಗತಿಕವಾಗಿ ಮೂರನೇ ಸ್ಥಾನದಲ್ಲಿದೆ.

ಸ್ಥಾನದಲ್ಲಿರುವ 32 ನಗರಗಳಲ್ಲಿ ಮೆಟ್ರೋ ರೈಲು ಮಾರ್ಗ ನಿರ್ಮಾಣ ಅಥವಾ ವಿಸ್ತರಣೆ ಪ್ರಗತಿಯಲ್ಲಿದ್ದು, 2030ರ ವೇಳೆಗೆ ಒಟ್ಟು ಜಾಲ ಸುಮಾರು 2000 ಕಿ.ಮೀ. ದಾಟಲಿದೆ ಎಂದು ಅಂದಾಜಿಸಲಾಗಿದೆ. ನಿತ್ಯ 1 ಕೋಟಿಗೂ ಹೆಚ್ಚು ಪ್ರಯಾಣಿಕರು ಮೆಟ್ರೋ ಬಳಸುತ್ತಿದ್ದಾರೆ.

ಬೆಂಗಳೂರು ನಮ್ಮ ಮೆಟ್ರೋ ಹಳಿ 96 ಕಿ.ಮೀ. ದಾಟಿದ್ದು, ನಿತ್ಯ ಸುಮಾರು 10 ಲಕ್ಷ ಜನರು ಪ್ರಯಾಣಿಸುತ್ತಿದ್ದಾರೆ.

3.19 ಲಕ್ಷ ಕೋಟಿ ರೂ. ಹಾಗೂ 2.18 ಲಕ್ಷ ಕೋಟಿ ರೂ. ವೆಚ್ಚದ ಹೊಸ ಯೋಜನೆಗಳು ವಿವಿಧ ಹಂತದಲ್ಲಿವೆ. ವಾರ್ಷಿಕ ಪ್ರಯಾಣಿಕರ ಸಂಖ್ಯೆ ನೂರಾರು ಕೋಟಿ ತಲುಪಿದ್ದು, ಒಟ್ಟು ಸಂಚಾರ 13,500 ಕಿ.ಮೀ. ಗಡಿ ದಾಟಿದೆ. ಮುಂದಿನ ದಶಕದಲ್ಲಿ 200 ನಗರಗಳ ಕನಸು ನನಸಾಗುವ ನಿರೀಕ್ಷೆ ಇದೆ.

◆
